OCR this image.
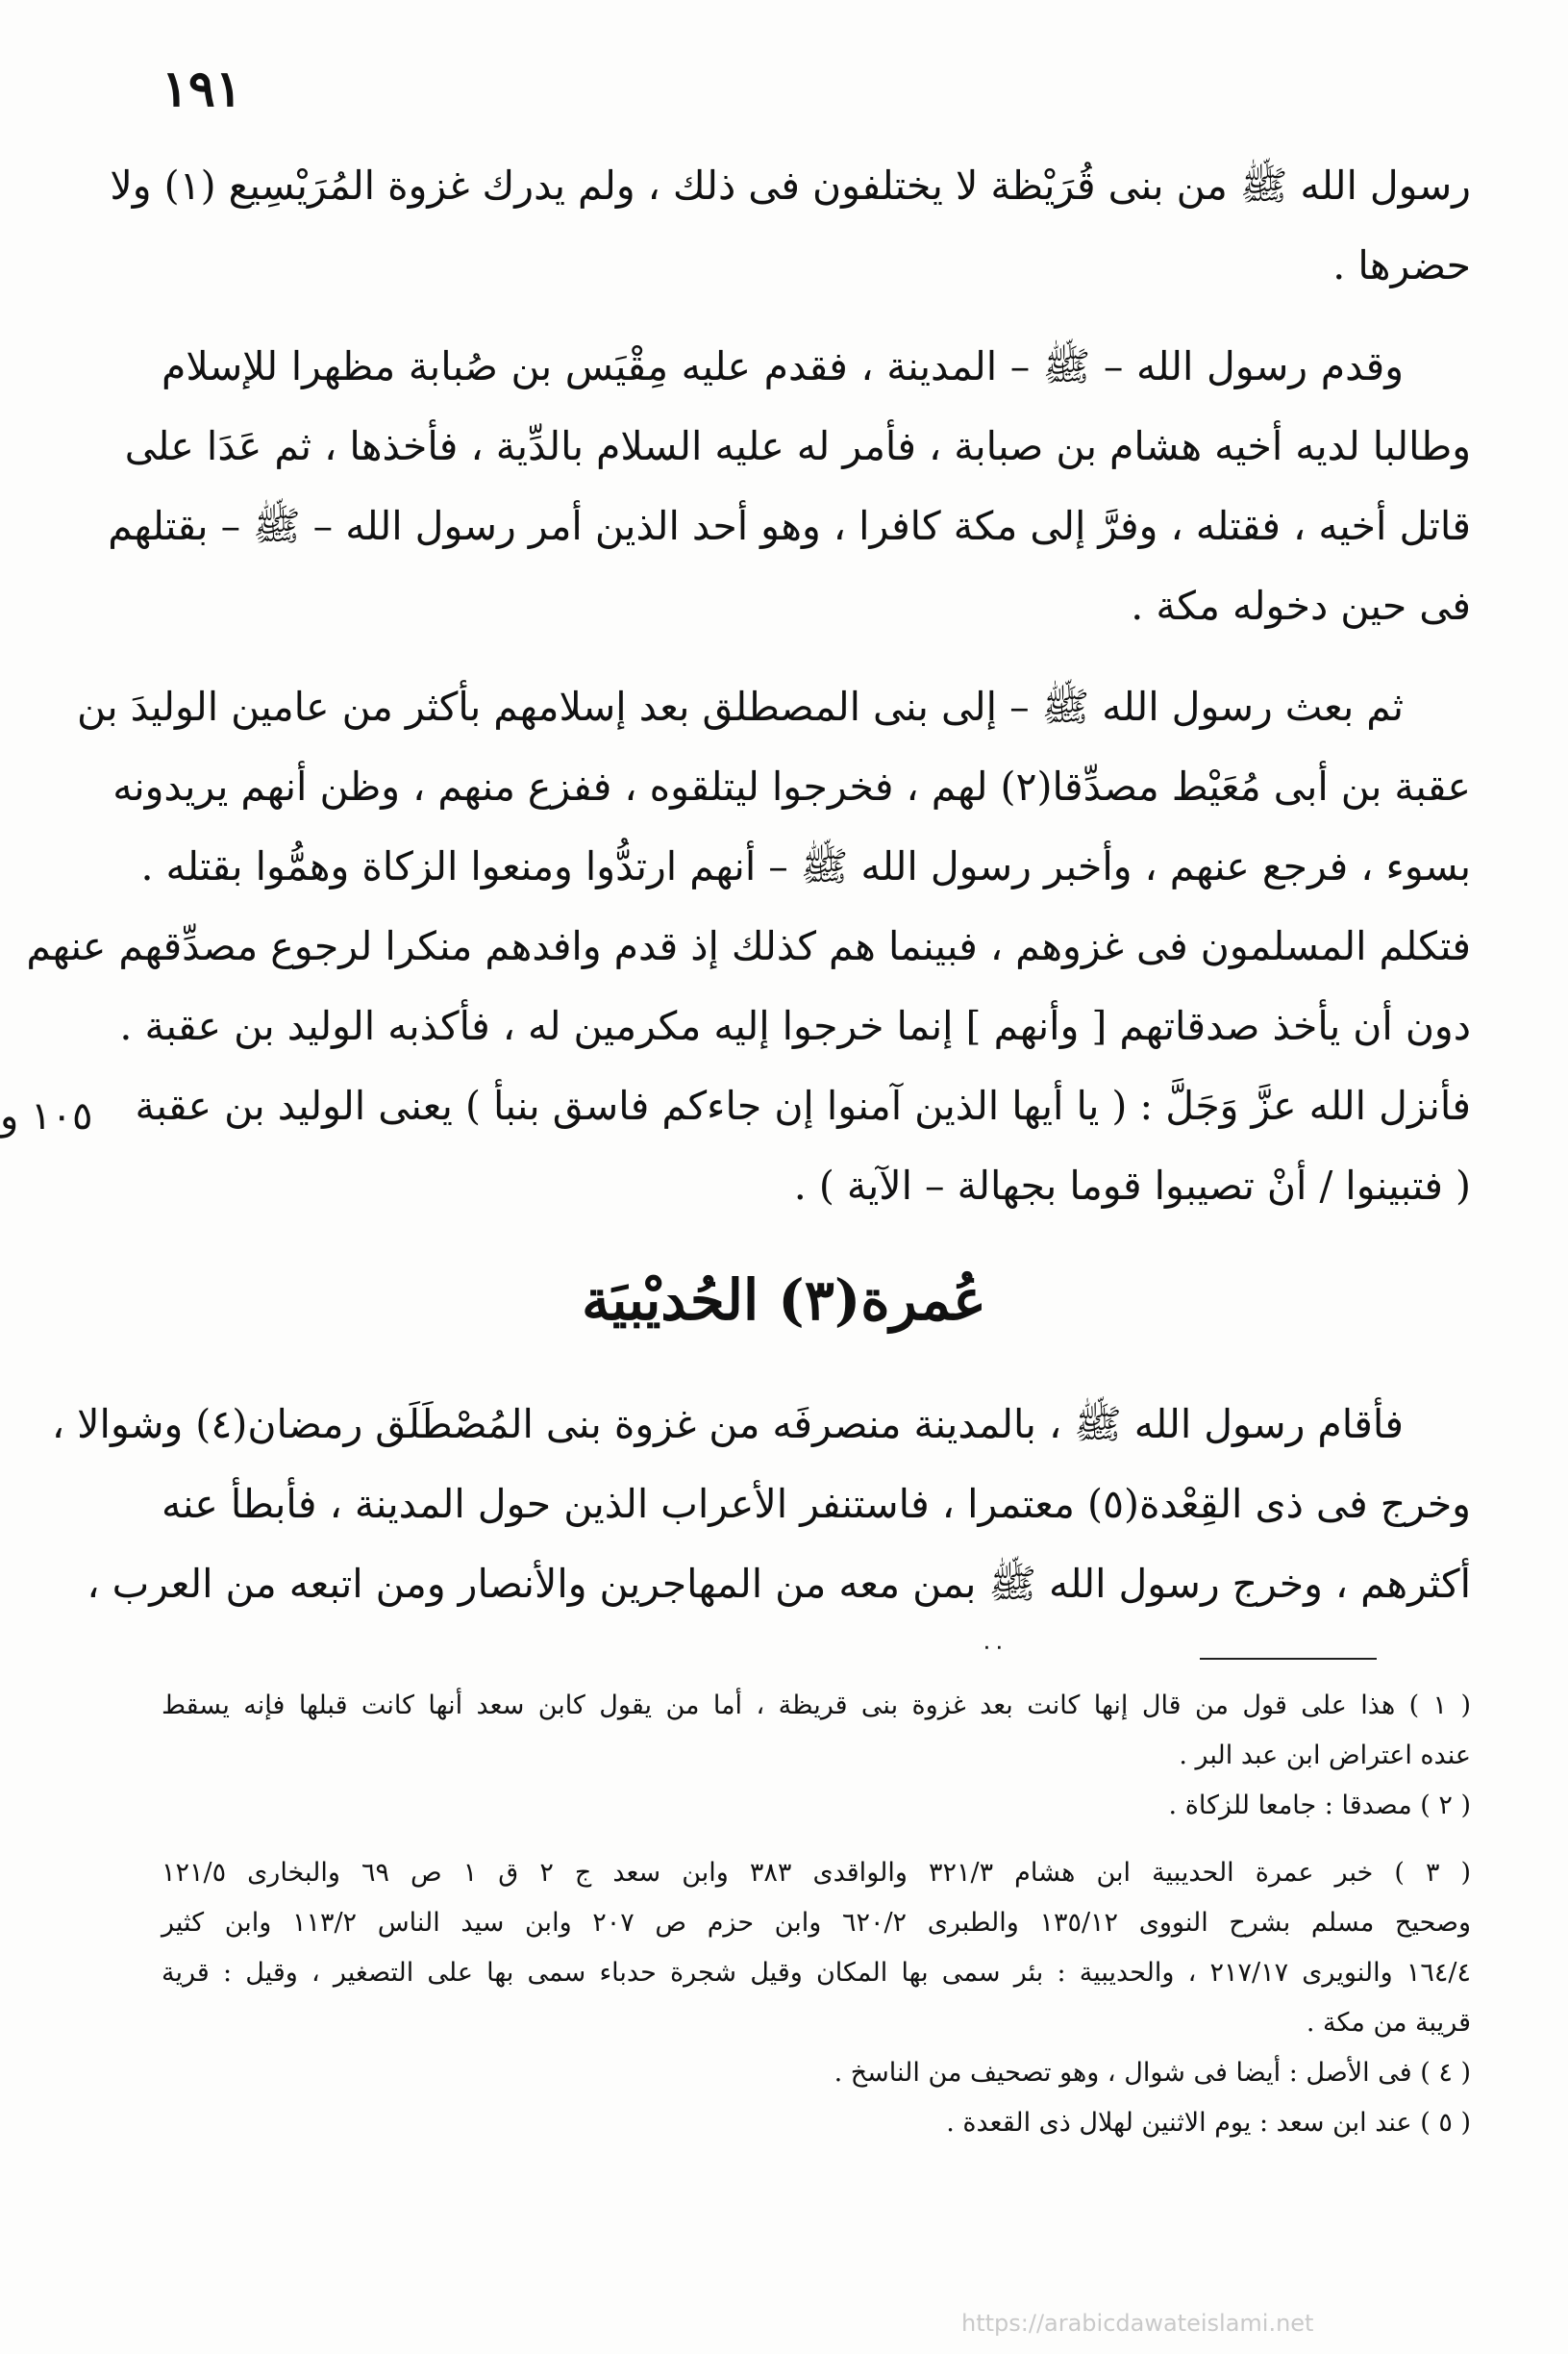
١٩١
رسول الله ﷺ من بنى قُرَيْظة لا يختلفون فى ذلك ، ولم يدرك غزوة المُرَيْسِيع (١) ولا
حضرها .
وقدم رسول الله – ﷺ – المدينة ، فقدم عليه مِقْيَس بن صُبابة مظهرا للإسلام
وطالبا لديه أخيه هشام بن صبابة ، فأمر له عليه السلام بالدِّية ، فأخذها ، ثم عَدَا على
قاتل أخيه ، فقتله ، وفرَّ إلى مكة كافرا ، وهو أحد الذين أمر رسول الله – ﷺ – بقتلهم
فى حين دخوله مكة .
ثم بعث رسول الله ﷺ – إلى بنى المصطلق بعد إسلامهم بأكثر من عامين الوليدَ بن
عقبة بن أبى مُعَيْط مصدِّقا(٢) لهم ، فخرجوا ليتلقوه ، ففزع منهم ، وظن أنهم يريدونه
بسوء ، فرجع عنهم ، وأخبر رسول الله ﷺ – أنهم ارتدُّوا ومنعوا الزكاة وهمُّوا بقتله .
فتكلم المسلمون فى غزوهم ، فبينما هم كذلك إذ قدم وافدهم منكرا لرجوع مصدِّقهم عنهم
دون أن يأخذ صدقاتهم [ وأنهم ] إنما خرجوا إليه مكرمين له ، فأكذبه الوليد بن عقبة .
فأنزل الله عزَّ وَجَلَّ : ( يا أيها الذين آمنوا إن جاءكم فاسق بنبأ ) يعنى الوليد بن عقبة
( فتبينوا / أنْ تصيبوا قوما بجهالة – الآية ) .
١٠٥ و
عُمرة(٣) الحُديْبيَة
فأقام رسول الله ﷺ ، بالمدينة منصرفَه من غزوة بنى المُصْطَلَق رمضان(٤) وشوالا ،
وخرج فى ذى القِعْدة(٥) معتمرا ، فاستنفر الأعراب الذين حول المدينة ، فأبطأ عنه
أكثرهم ، وخرج رسول الله ﷺ بمن معه من المهاجرين والأنصار ومن اتبعه من العرب ،
٠٠
( ١ ) هذا على قول من قال إنها كانت بعد غزوة بنى قريظة ، أما من يقول كابن سعد أنها كانت قبلها فإنه يسقط
عنده اعتراض ابن عبد البر .
( ٢ ) مصدقا : جامعا للزكاة .
( ٣ ) خبر عمرة الحديبية ابن هشام ٣٢١/٣ والواقدى ٣٨٣ وابن سعد ج ٢ ق ١ ص ٦٩ والبخارى ١٢١/٥
وصحيح مسلم بشرح النووى ١٣٥/١٢ والطبرى ٦٢٠/٢ وابن حزم ص ٢٠٧ وابن سيد الناس ١١٣/٢ وابن كثير
١٦٤/٤ والنويرى ٢١٧/١٧ ، والحديبية : بئر سمى بها المكان وقيل شجرة حدباء سمى بها على التصغير ، وقيل : قرية
قريبة من مكة .
( ٤ ) فى الأصل : أيضا فى شوال ، وهو تصحيف من الناسخ .
( ٥ ) عند ابن سعد : يوم الاثنين لهلال ذى القعدة .
https://arabicdawateislami.net
